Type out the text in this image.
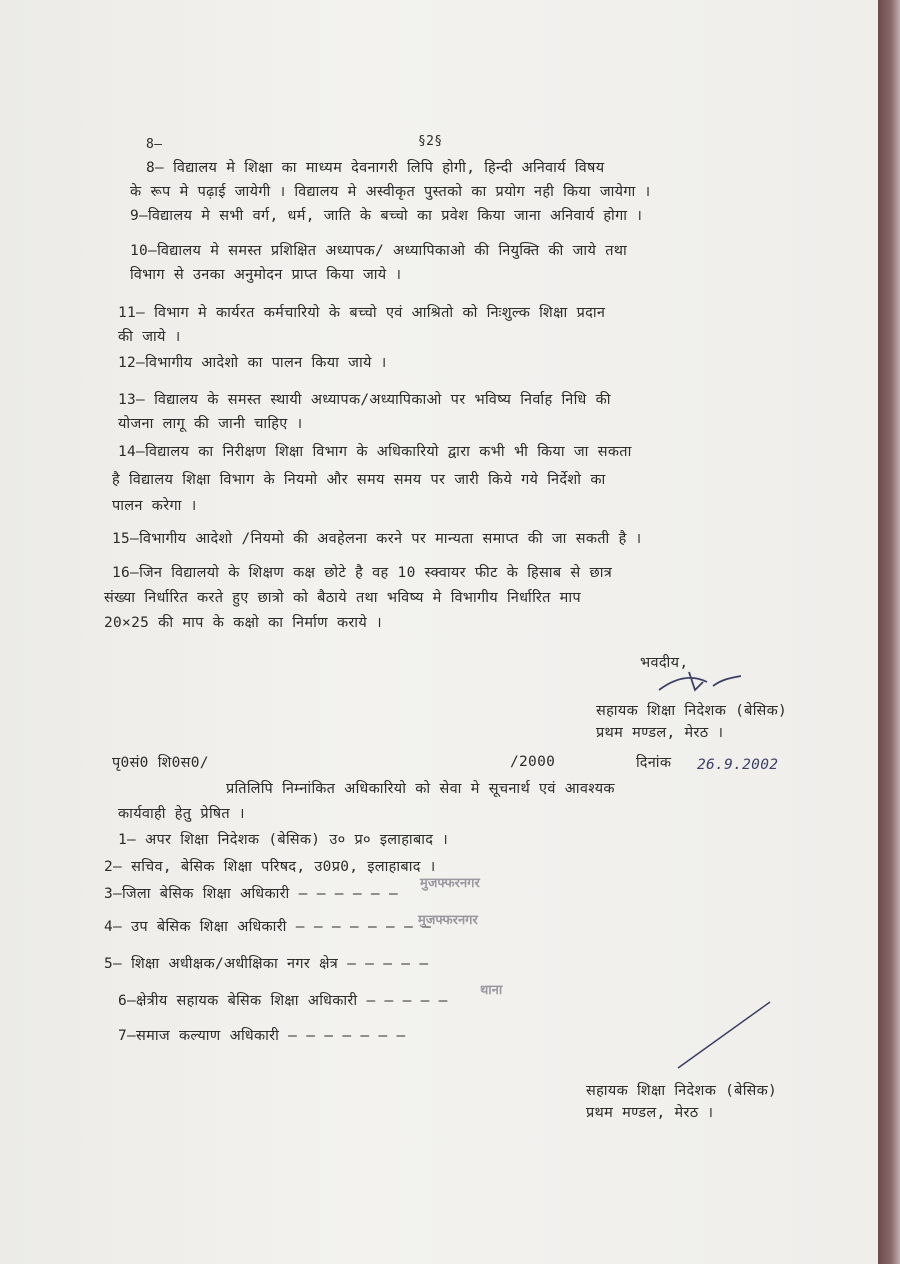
8–	§2§
8– विद्यालय मे शिक्षा का माध्यम देवनागरी लिपि होगी, हिन्दी अनिवार्य विषय
के रूप मे पढ़ाई जायेगी । विद्यालय मे अस्वीकृत पुस्तको का प्रयोग नही किया जायेगा ।
9–विद्यालय मे सभी वर्ग, धर्म, जाति के बच्चो का प्रवेश किया जाना अनिवार्य होगा ।
10–विद्यालय मे समस्त प्रशिक्षित अध्यापक/ अध्यापिकाओ की नियुक्ति की जाये तथा
विभाग से उनका अनुमोदन प्राप्त किया जाये ।
11– विभाग मे कार्यरत कर्मचारियो के बच्चो एवं आश्रितो को निःशुल्क शिक्षा प्रदान
की जाये ।
12–विभागीय आदेशो का पालन किया जाये ।
13– विद्यालय के समस्त स्थायी अध्यापक/अध्यापिकाओ पर भविष्य निर्वाह निधि की
योजना लागू की जानी चाहिए ।
14–विद्यालय का निरीक्षण शिक्षा विभाग के अधिकारियो द्वारा कभी भी किया जा सकता
है विद्यालय शिक्षा विभाग के नियमो और समय समय पर जारी किये गये निर्देशो का
पालन करेगा ।
15–विभागीय आदेशो /नियमो की अवहेलना करने पर मान्यता समाप्त की जा सकती है ।
16–जिन विद्यालयो के शिक्षण कक्ष छोटे है वह 10 स्क्वायर फीट के हिसाब से छात्र
संख्या निर्धारित करते हुए छात्रो को बैठाये तथा भविष्य मे विभागीय निर्धारित माप
20×25 की माप के कक्षो का निर्माण कराये ।
भवदीय,
सहायक शिक्षा निदेशक (बेसिक)
प्रथम मण्डल, मेरठ ।
पृ0सं0 शि0स0/	/2000	दिनांक 26.9.2002
प्रतिलिपि निम्नांकित अधिकारियो को सेवा मे सूचनार्थ एवं आवश्यक
कार्यवाही हेतु प्रेषित ।
1– अपर शिक्षा निदेशक (बेसिक) उ० प्र० इलाहाबाद ।
2– सचिव, बेसिक शिक्षा परिषद, उ0प्र0, इलाहाबाद ।
3–जिला बेसिक शिक्षा अधिकारी – – – – – –
4– उप बेसिक शिक्षा अधिकारी – – – – – – – –
5– शिक्षा अधीक्षक/अधीक्षिका नगर क्षेत्र – – – – –
6–क्षेत्रीय सहायक बेसिक शिक्षा अधिकारी – – – – –
7–समाज कल्याण अधिकारी – – – – – – –
मुजफ्फरनगर
मुजफ्फरनगर
थाना
सहायक शिक्षा निदेशक (बेसिक)
प्रथम मण्डल, मेरठ ।
